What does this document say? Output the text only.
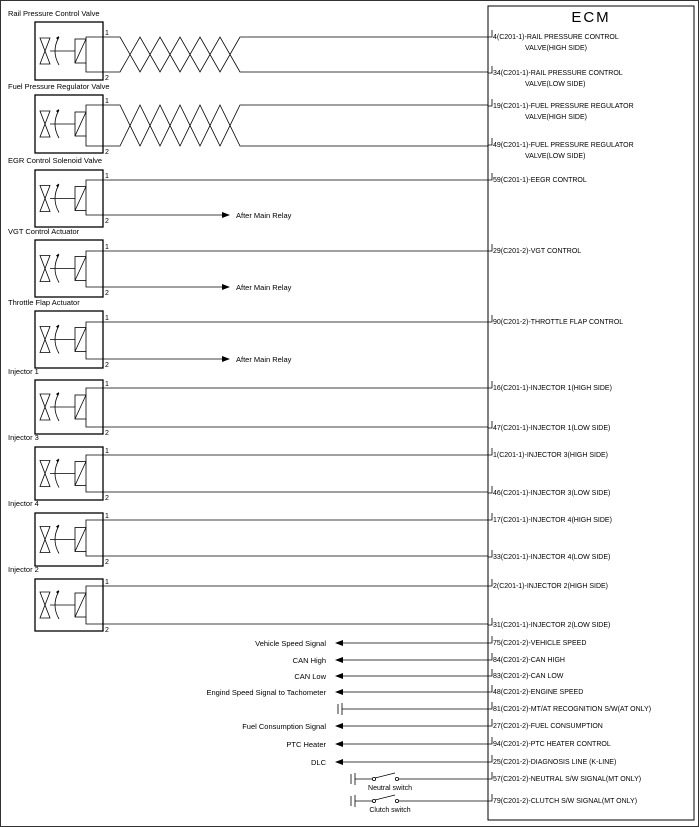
ECM
Rail Pressure Control Valve
1
2
4(C201-1)-RAIL PRESSURE CONTROL
VALVE(HIGH SIDE)
34(C201-1)-RAIL PRESSURE CONTROL
VALVE(LOW SIDE)
Fuel Pressure Regulator Valve
1
2
19(C201-1)-FUEL PRESSURE REGULATOR
VALVE(HIGH SIDE)
49(C201-1)-FUEL PRESSURE REGULATOR
VALVE(LOW SIDE)
EGR Control Solenoid Valve
1
2
After Main Relay
59(C201-1)-EEGR CONTROL
VGT Control Actuator
1
2
After Main Relay
29(C201-2)-VGT CONTROL
Throttle Flap Actuator
1
2
After Main Relay
90(C201-2)-THROTTLE FLAP CONTROL
Injector 1
1
2
16(C201-1)-INJECTOR 1(HIGH SIDE)
47(C201-1)-INJECTOR 1(LOW SIDE)
Injector 3
1
2
1(C201-1)-INJECTOR 3(HIGH SIDE)
46(C201-1)-INJECTOR 3(LOW SIDE)
Injector 4
1
2
17(C201-1)-INJECTOR 4(HIGH SIDE)
33(C201-1)-INJECTOR 4(LOW SIDE)
Injector 2
1
2
2(C201-1)-INJECTOR 2(HIGH SIDE)
31(C201-1)-INJECTOR 2(LOW SIDE)
Vehicle Speed Signal	75(C201-2)-VEHICLE SPEED
CAN High	84(C201-2)-CAN HIGH
CAN Low	83(C201-2)-CAN LOW
Engind Speed Signal to Tachometer	48(C201-2)-ENGINE SPEED
81(C201-2)-MT/AT RECOGNITION S/W(AT ONLY)
Fuel Consumption Signal	27(C201-2)-FUEL CONSUMPTION
PTC Heater	94(C201-2)-PTC HEATER CONTROL
DLC	25(C201-2)-DIAGNOSIS LINE (K-LINE)
Neutral switch
57(C201-2)-NEUTRAL S/W SIGNAL(MT ONLY)
Clutch switch
79(C201-2)-CLUTCH S/W SIGNAL(MT ONLY)
